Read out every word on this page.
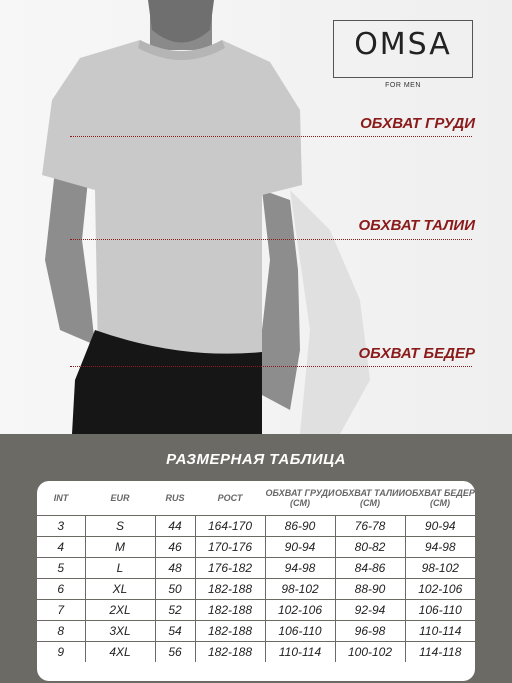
OMSA
FOR MEN
ОБХВАТ ГРУДИ
ОБХВАТ ТАЛИИ
ОБХВАТ БЕДЕР
РАЗМЕРНАЯ ТАБЛИЦА
INT	EUR	RUS	РОСТ	ОБХВАТ ГРУДИ (СМ)	ОБХВАТ ТАЛИИ (СМ)	ОБХВАТ БЕДЕР (СМ)
3	S	44	164-170	86-90	76-78	90-94
4	M	46	170-176	90-94	80-82	94-98
5	L	48	176-182	94-98	84-86	98-102
6	XL	50	182-188	98-102	88-90	102-106
7	2XL	52	182-188	102-106	92-94	106-110
8	3XL	54	182-188	106-110	96-98	110-114
9	4XL	56	182-188	110-114	100-102	114-118
